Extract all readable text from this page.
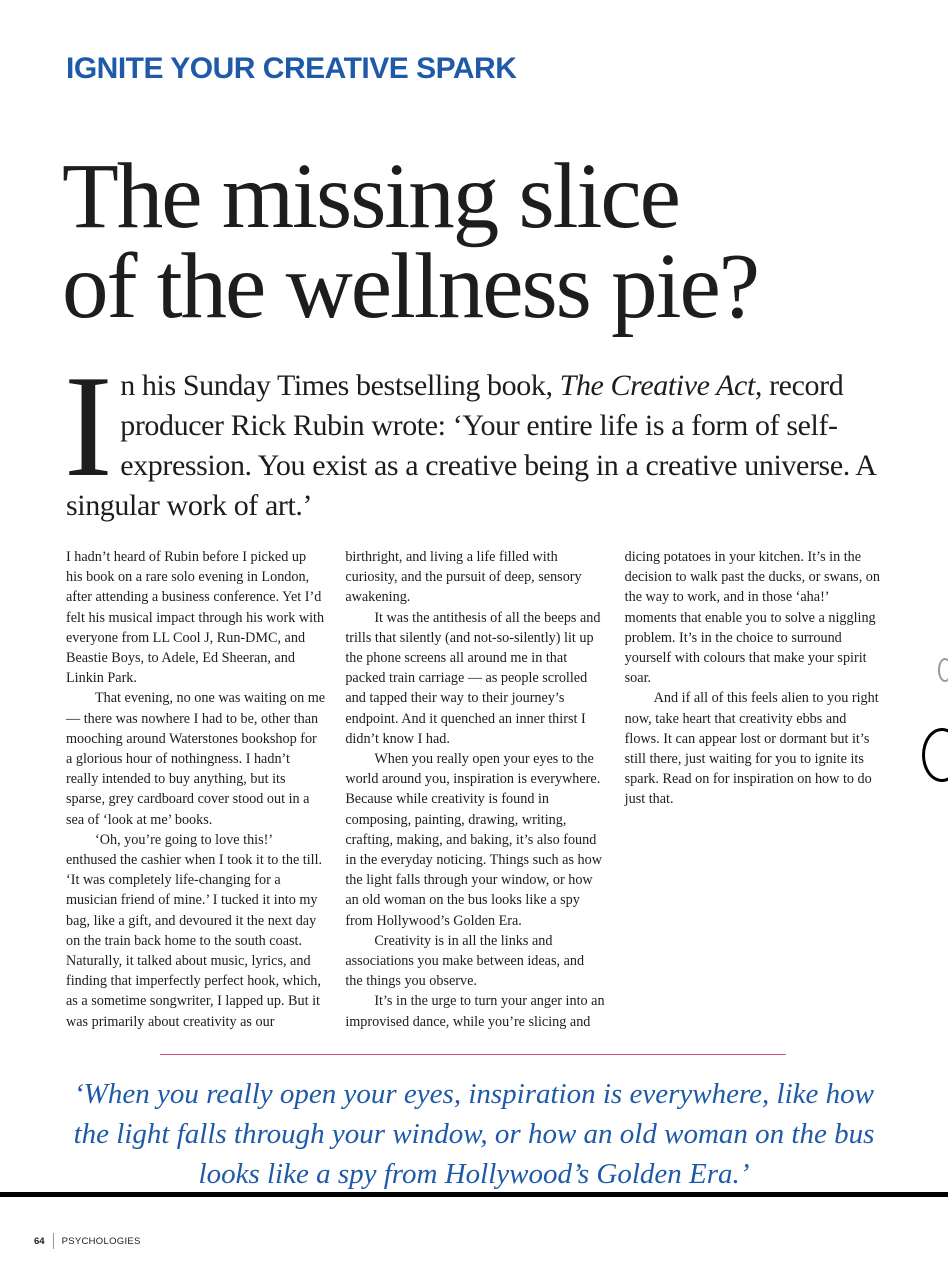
IGNITE YOUR CREATIVE SPARK
The missing slice
of the wellness pie?

In his Sunday Times bestselling book, The Creative Act, record producer Rick Rubin wrote: ‘Your entire life is a form of self-expression. You exist as a creative being in a creative universe. A singular work of art.’

I hadn’t heard of Rubin before I picked up his book on a rare solo evening in London, after attending a business conference. Yet I’d felt his musical impact through his work with everyone from LL Cool J, Run-DMC, and Beastie Boys, to Adele, Ed Sheeran, and Linkin Park.

That evening, no one was waiting on me — there was nowhere I had to be, other than mooching around Waterstones bookshop for a glorious hour of nothingness. I hadn’t really intended to buy anything, but its sparse, grey cardboard cover stood out in a sea of ‘look at me’ books.

‘Oh, you’re going to love this!’ enthused the cashier when I took it to the till. ‘It was completely life-changing for a musician friend of mine.’ I tucked it into my bag, like a gift, and devoured it the next day on the train back home to the south coast. Naturally, it talked about music, lyrics, and finding that imperfectly perfect hook, which, as a sometime songwriter, I lapped up. But it was primarily about creativity as our birthright, and living a life filled with curiosity, and the pursuit of deep, sensory awakening.

It was the antithesis of all the beeps and trills that silently (and not-so-silently) lit up the phone screens all around me in that packed train carriage — as people scrolled and tapped their way to their journey’s endpoint. And it quenched an inner thirst I didn’t know I had.

When you really open your eyes to the world around you, inspiration is everywhere. Because while creativity is found in composing, painting, drawing, writing, crafting, making, and baking, it’s also found in the everyday noticing. Things such as how the light falls through your window, or how an old woman on the bus looks like a spy from Hollywood’s Golden Era.

Creativity is in all the links and associations you make between ideas, and the things you observe.

It’s in the urge to turn your anger into an improvised dance, while you’re slicing and dicing potatoes in your kitchen. It’s in the decision to walk past the ducks, or swans, on the way to work, and in those ‘aha!’ moments that enable you to solve a niggling problem. It’s in the choice to surround yourself with colours that make your spirit soar.

And if all of this feels alien to you right now, take heart that creativity ebbs and flows. It can appear lost or dormant but it’s still there, just waiting for you to ignite its spark. Read on for inspiration on how to do just that.

‘When you really open your eyes, inspiration is everywhere, like how the light falls through your window, or how an old woman on the bus looks like a spy from Hollywood’s Golden Era.’

64 PSYCHOLOGIES
